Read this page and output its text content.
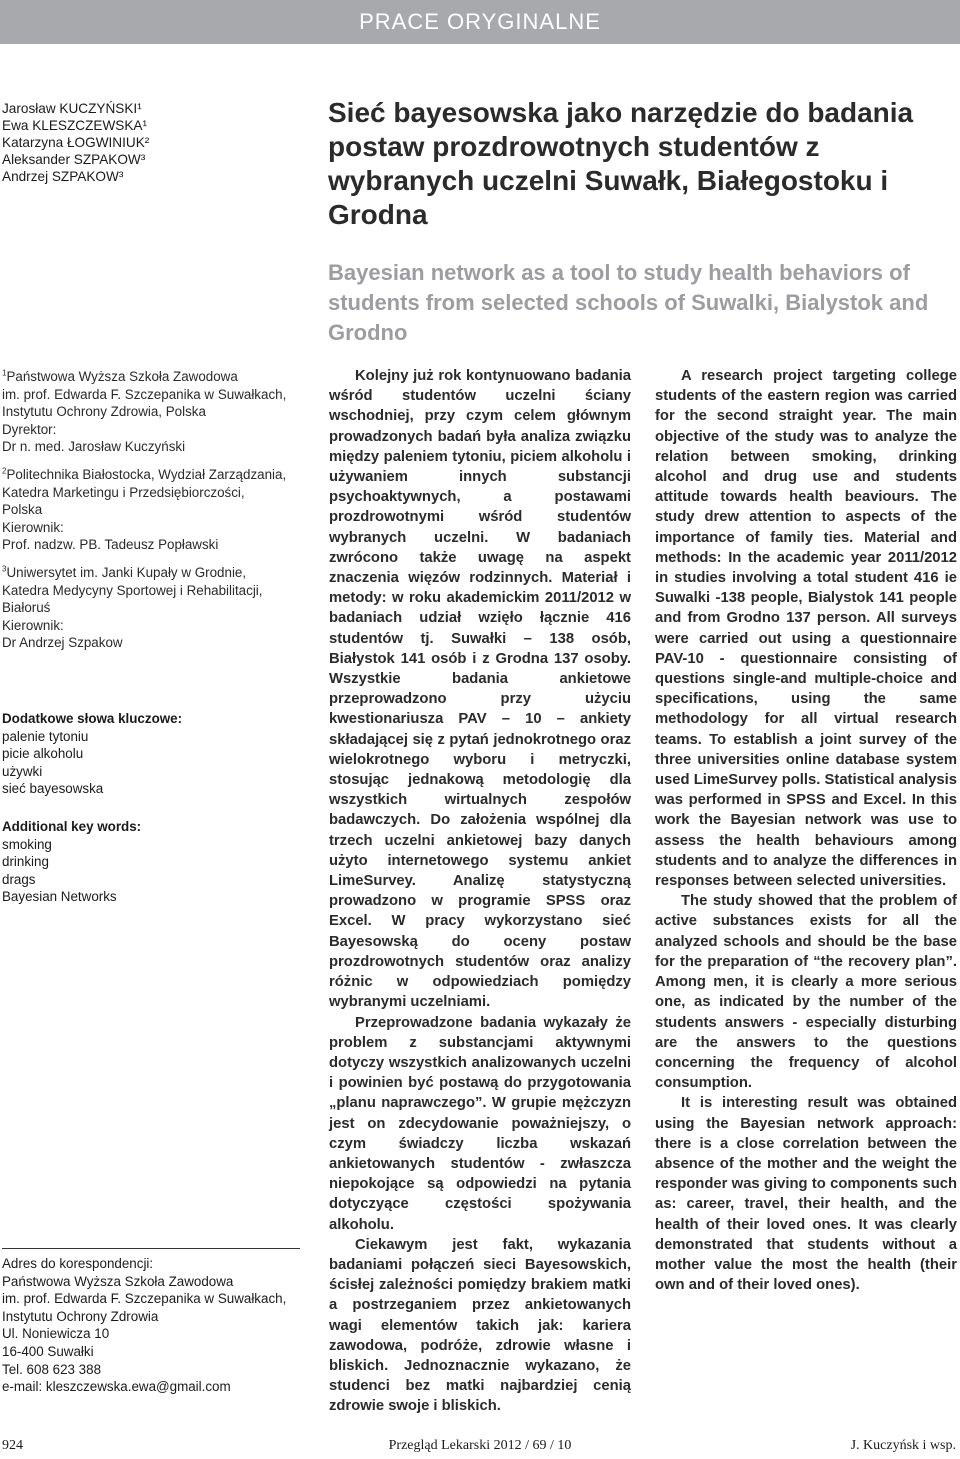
PRACE ORYGINALNE
Jarosław KUCZYŃSKI¹
Ewa KLESZCZEWSKA¹
Katarzyna ŁOGWINIUK²
Aleksander SZPAKOW³
Andrzej SZPAKOW³
Sieć bayesowska jako narzędzie do badania postaw prozdrowotnych studentów z wybranych uczelni Suwałk, Białegostoku i Grodna
Bayesian network as a tool to study health behaviors of students from selected schools of Suwalki, Bialystok and Grodno
$^1$Państwowa Wyższa Szkoła Zawodowa
im. prof. Edwarda F. Szczepanika w Suwałkach,
Instytutu Ochrony Zdrowia, Polska
Dyrektor:
Dr n. med. Jarosław Kuczyński
$^2$Politechnika Białostocka, Wydział Zarządzania,
Katedra Marketingu i Przedsiębiorczości,
Polska
Kierownik:
Prof. nadzw. PB. Tadeusz Popławski
$^3$Uniwersytet im. Janki Kupały w Grodnie,
Katedra Medycyny Sportowej i Rehabilitacji,
Białoruś
Kierownik:
Dr Andrzej Szpakow
Dodatkowe słowa kluczowe:
palenie tytoniu
picie alkoholu
używki
sieć bayesowska
Additional key words:
smoking
drinking
drags
Bayesian Networks
Adres do korespondencji:
Państwowa Wyższa Szkoła Zawodowa
im. prof. Edwarda F. Szczepanika w Suwałkach,
Instytutu Ochrony Zdrowia
Ul. Noniewicza 10
16-400 Suwałki
Tel. 608 623 388
e-mail: kleszczewska.ewa@gmail.com

Kolejny już rok kontynuowano badania wśród studentów uczelni ściany wschodniej, przy czym celem głównym prowadzonych badań była analiza związku między paleniem tytoniu, piciem alkoholu i używaniem innych substancji psychoaktywnych, a postawami prozdrowotnymi wśród studentów wybranych uczelni. W badaniach zwrócono także uwagę na aspekt znaczenia więzów rodzinnych. Materiał i metody: w roku akademickim 2011/2012 w badaniach udział wzięło łącznie 416 studentów tj. Suwałki – 138 osób, Białystok 141 osób i z Grodna 137 osoby. Wszystkie badania ankietowe przeprowadzono przy użyciu kwestionariusza PAV – 10 – ankiety składającej się z pytań jednokrotnego oraz wielokrotnego wyboru i metryczki, stosując jednakową metodologię dla wszystkich wirtualnych zespołów badawczych. Do założenia wspólnej dla trzech uczelni ankietowej bazy danych użyto internetowego systemu ankiet LimeSurvey. Analizę statystyczną prowadzono w programie SPSS oraz Excel. W pracy wykorzystano sieć Bayesowską do oceny postaw prozdrowotnych studentów oraz analizy różnic w odpowiedziach pomiędzy wybranymi uczelniami.

Przeprowadzone badania wykazały że problem z substancjami aktywnymi dotyczy wszystkich analizowanych uczelni i powinien być postawą do przygotowania „planu naprawczego”. W grupie mężczyzn jest on zdecydowanie poważniejszy, o czym świadczy liczba wskazań ankietowanych studentów - zwłaszcza niepokojące są odpowiedzi na pytania dotyczyące częstości spożywania alkoholu.

Ciekawym jest fakt, wykazania badaniami połączeń sieci Bayesowskich, ścisłej zależności pomiędzy brakiem matki a postrzeganiem przez ankietowanych wagi elementów takich jak: kariera zawodowa, podróże, zdrowie własne i bliskich. Jednoznacznie wykazano, że studenci bez matki najbardziej cenią zdrowie swoje i bliskich.

A research project targeting college students of the eastern region was carried for the second straight year. The main objective of the study was to analyze the relation between smoking, drinking alcohol and drug use and students attitude towards health beaviours. The study drew attention to aspects of the importance of family ties. Material and methods: In the academic year 2011/2012 in studies involving a total student 416 ie Suwalki -138 people, Bialystok 141 people and from Grodno 137 person. All surveys were carried out using a questionnaire PAV-10 - questionnaire consisting of questions single-and multiple-choice and specifications, using the same methodology for all virtual research teams. To establish a joint survey of the three universities online database system used LimeSurvey polls. Statistical analysis was performed in SPSS and Excel. In this work the Bayesian network was use to assess the health behaviours among students and to analyze the differences in responses between selected universities.

The study showed that the problem of active substances exists for all the analyzed schools and should be the base for the preparation of “the recovery plan”. Among men, it is clearly a more serious one, as indicated by the number of the students answers - especially disturbing are the answers to the questions concerning the frequency of alcohol consumption.

It is interesting result was obtained using the Bayesian network approach: there is a close correlation between the absence of the mother and the weight the responder was giving to components such as: career, travel, their health, and the health of their loved ones. It was clearly demonstrated that students without a mother value the most the health (their own and of their loved ones).

924	Przegląd Lekarski 2012 / 69 / 10	J. Kuczyńsk i wsp.
